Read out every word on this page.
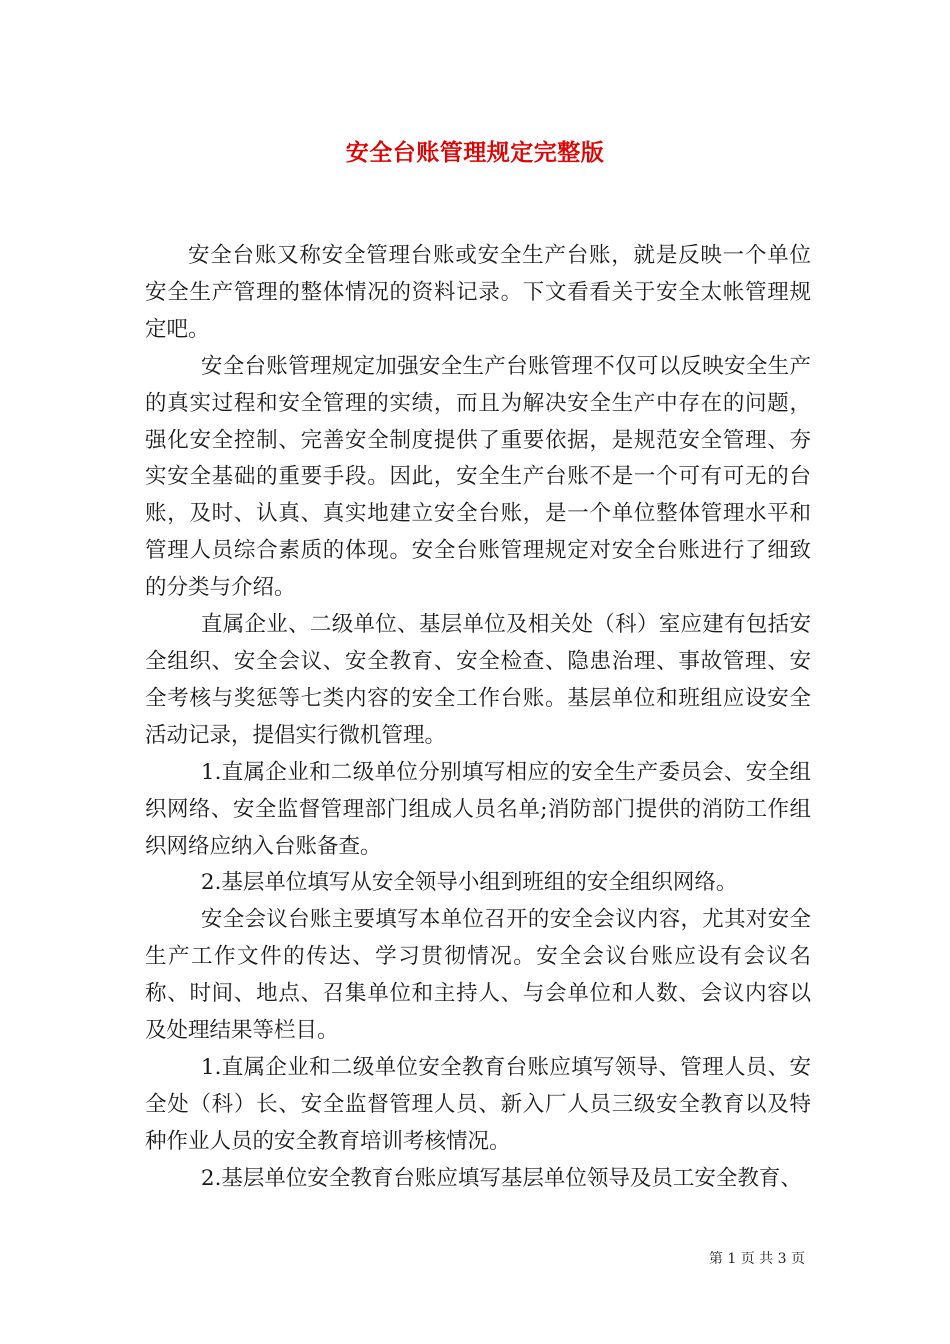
安全台账管理规定完整版

安全台账又称安全管理台账或安全生产台账，就是反映一个单位安全生产管理的整体情况的资料记录。下文看看关于安全太帐管理规定吧。

安全台账管理规定加强安全生产台账管理不仅可以反映安全生产的真实过程和安全管理的实绩，而且为解决安全生产中存在的问题，强化安全控制、完善安全制度提供了重要依据，是规范安全管理、夯实安全基础的重要手段。因此，安全生产台账不是一个可有可无的台账，及时、认真、真实地建立安全台账，是一个单位整体管理水平和管理人员综合素质的体现。安全台账管理规定对安全台账进行了细致的分类与介绍。

直属企业、二级单位、基层单位及相关处（科）室应建有包括安全组织、安全会议、安全教育、安全检查、隐患治理、事故管理、安全考核与奖惩等七类内容的安全工作台账。基层单位和班组应设安全活动记录，提倡实行微机管理。

1.直属企业和二级单位分别填写相应的安全生产委员会、安全组织网络、安全监督管理部门组成人员名单;消防部门提供的消防工作组织网络应纳入台账备查。

2.基层单位填写从安全领导小组到班组的安全组织网络。

安全会议台账主要填写本单位召开的安全会议内容，尤其对安全生产工作文件的传达、学习贯彻情况。安全会议台账应设有会议名称、时间、地点、召集单位和主持人、与会单位和人数、会议内容以及处理结果等栏目。

1.直属企业和二级单位安全教育台账应填写领导、管理人员、安全处（科）长、安全监督管理人员、新入厂人员三级安全教育以及特种作业人员的安全教育培训考核情况。

2.基层单位安全教育台账应填写基层单位领导及员工安全教育、

第 1 页 共 3 页
